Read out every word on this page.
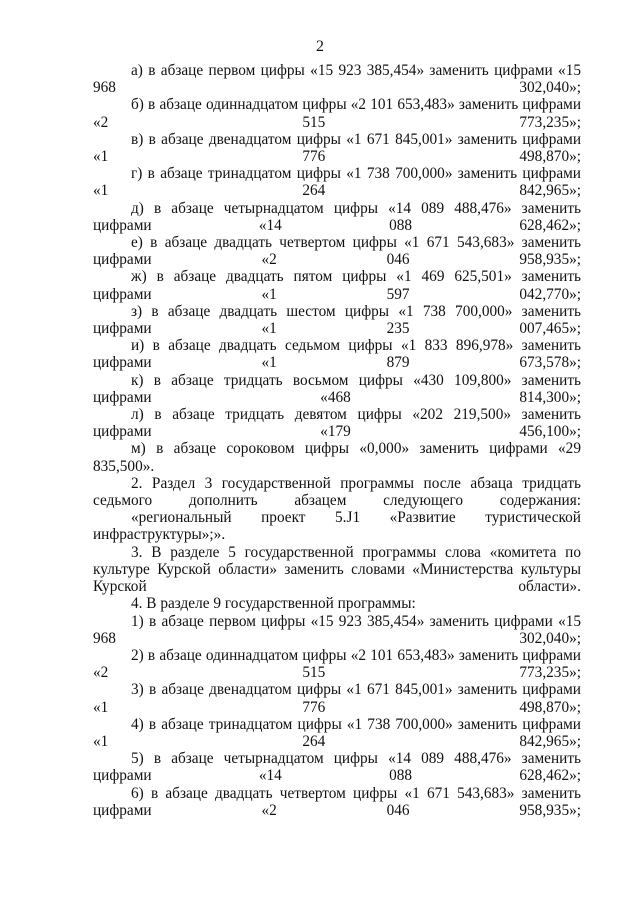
2

а) в абзаце первом цифры «15 923 385,454» заменить цифрами «15 968 302,040»;

б) в абзаце одиннадцатом цифры «2 101 653,483» заменить цифрами «2 515 773,235»;

в) в абзаце двенадцатом цифры «1 671 845,001» заменить цифрами «1 776 498,870»;

г) в абзаце тринадцатом цифры «1 738 700,000» заменить цифрами «1 264 842,965»;

д) в абзаце четырнадцатом цифры «14 089 488,476» заменить цифрами «14 088 628,462»;

е) в абзаце двадцать четвертом цифры «1 671 543,683» заменить цифрами «2 046 958,935»;

ж) в абзаце двадцать пятом цифры «1 469 625,501» заменить цифрами «1 597 042,770»;

з) в абзаце двадцать шестом цифры «1 738 700,000» заменить цифрами «1 235 007,465»;

и) в абзаце двадцать седьмом цифры «1 833 896,978» заменить цифрами «1 879 673,578»;

к) в абзаце тридцать восьмом цифры «430 109,800» заменить цифрами «468 814,300»;

л) в абзаце тридцать девятом цифры «202 219,500» заменить цифрами «179 456,100»;

м) в абзаце сороковом цифры «0,000» заменить цифрами «29 835,500».

2. Раздел 3 государственной программы после абзаца тридцать седьмого дополнить абзацем следующего содержания:

«региональный проект 5.J1 «Развитие туристической инфраструктуры»;».

3. В разделе 5 государственной программы слова «комитета по культуре Курской области» заменить словами «Министерства культуры Курской области».

4. В разделе 9 государственной программы:

1) в абзаце первом цифры «15 923 385,454» заменить цифрами «15 968 302,040»;

2) в абзаце одиннадцатом цифры «2 101 653,483» заменить цифрами «2 515 773,235»;

3) в абзаце двенадцатом цифры «1 671 845,001» заменить цифрами «1 776 498,870»;

4) в абзаце тринадцатом цифры «1 738 700,000» заменить цифрами «1 264 842,965»;

5) в абзаце четырнадцатом цифры «14 089 488,476» заменить цифрами «14 088 628,462»;

6) в абзаце двадцать четвертом цифры «1 671 543,683» заменить цифрами «2 046 958,935»;
